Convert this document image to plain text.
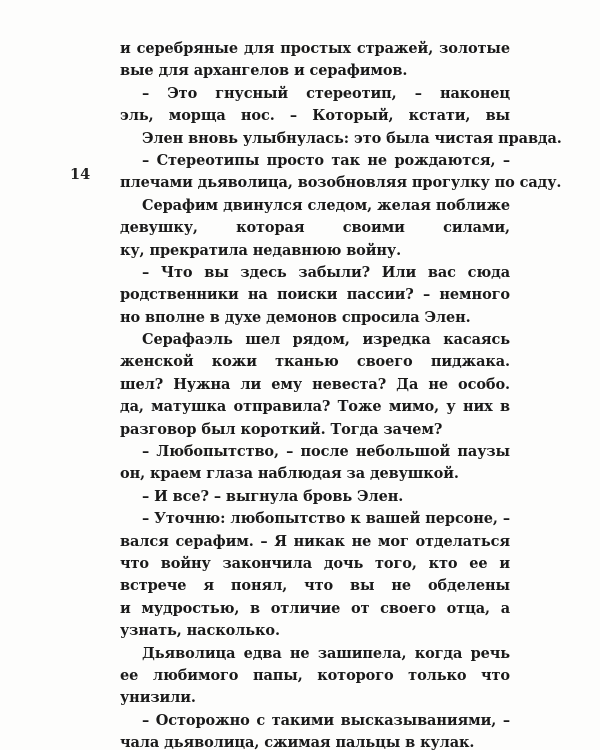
14
и серебряные для простых стражей, золотые
вые для архангелов и серафимов.
– Это гнусный стереотип, – наконец
эль, морща нос. – Который, кстати, вы
Элен вновь улыбнулась: это была чистая правда.
– Стереотипы просто так не рождаются, –
плечами дьяволица, возобновляя прогулку по саду.
Серафим двинулся следом, желая поближе
девушку, которая своими силами,
ку, прекратила недавнюю войну.
– Что вы здесь забыли? Или вас сюда
родственники на поиски пассии? – немного
но вполне в духе демонов спросила Элен.
Серафаэль шел рядом, изредка касаясь
женской кожи тканью своего пиджака.
шел? Нужна ли ему невеста? Да не особо.
да, матушка отправила? Тоже мимо, у них в
разговор был короткий. Тогда зачем?
– Любопытство, – после небольшой паузы
он, краем глаза наблюдая за девушкой.
– И все? – выгнула бровь Элен.
– Уточню: любопытство к вашей персоне, –
вался серафим. – Я никак не мог отделаться
что войну закончила дочь того, кто ее и
встрече я понял, что вы не обделены
и мудростью, в отличие от своего отца, а
узнать, насколько.
Дьяволица едва не зашипела, когда речь
ее любимого папы, которого только что
унизили.
– Осторожно с такими высказываниями, –
чала дьяволица, сжимая пальцы в кулак.
